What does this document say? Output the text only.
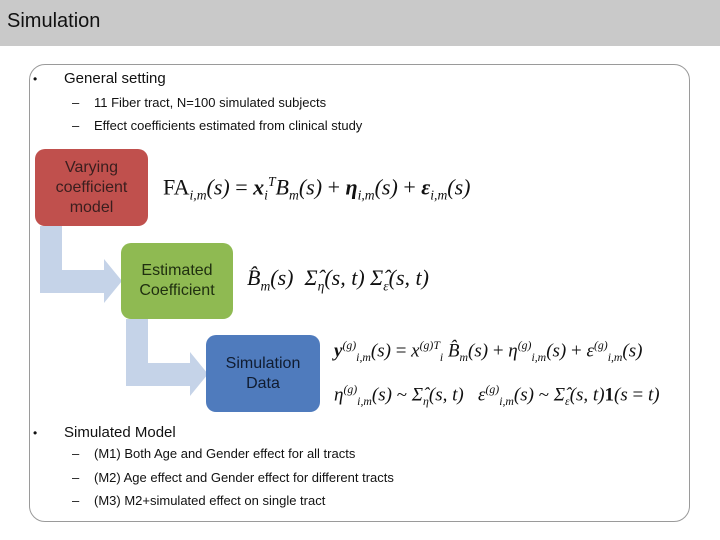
Simulation
• General setting
– 11 Fiber tract, N=100 simulated subjects
– Effect coefficients estimated from clinical study
Varying
coefficient
model
Estimated
Coefficient
Simulation
Data
$FA_{i,m}(s) = x_i^TB_m(s) + \eta_{i,m}(s) + \varepsilon_{i,m}(s)$
$B̂_m(s)$  $\Sigmâ_\eta(s$, t) $\Sigmâ_\varepsilon(s$, t)
$y^{(g)}_{i,m}(s) = x^{(g)T}_i$ $B̂_m(s) + \eta^{(g)}_{i,m}(s) + \varepsilon^{(g)}_{i,m}(s)$
$\eta^{(g)}_{i,m}(s)$ ~ $\Sigmâ_\eta(s$, t)   $\varepsilon^{(g)}_{i,m}(s)$ ~ $\Sigmâ_\varepsilon(s$, t)1(s = t)
• Simulated Model
– (M1) Both Age and Gender effect for all tracts
– (M2) Age effect and Gender effect for different tracts
– (M3) M2+simulated effect on single tract
